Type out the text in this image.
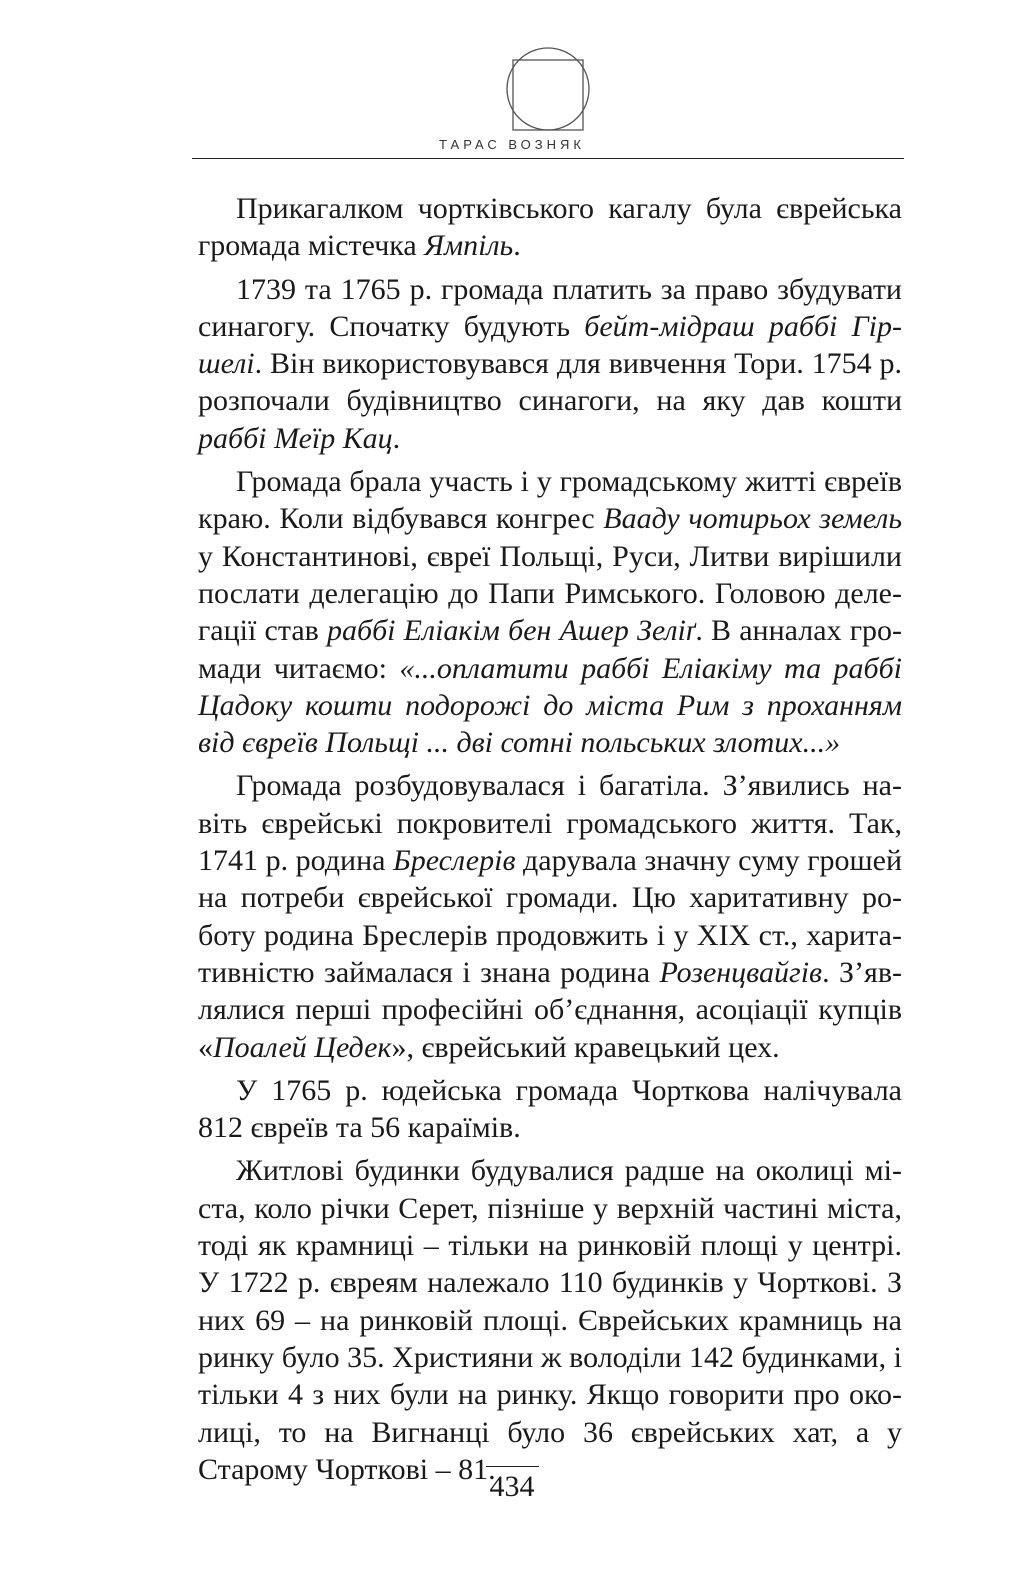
ТАРАС ВОЗНЯК

Прикагалком чортківського кагалу була єврейська громада містечка Ямпіль.

1739 та 1765 р. громада платить за право збудувати синагогу. Спочатку будують бейт-мідраш раббі Гіршелі. Він використовувався для вивчення Тори. 1754 р. розпочали будівництво синагоги, на яку дав кошти раббі Меїр Кац.

Громада брала участь і у громадському житті євреїв краю. Коли відбувався конгрес Вааду чотирьох земель у Константинові, євреї Польщі, Руси, Литви вирішили послати делегацію до Папи Римського. Головою делегації став раббі Еліакім бен Ашер Зеліґ. В анналах громади читаємо: «...оплатити раббі Еліакіму та раббі Цадоку кошти подорожі до міста Рим з проханням від євреїв Польщі ... дві сотні польських злотих...»

Громада розбудовувалася і багатіла. З’явились навіть єврейські покровителі громадського життя. Так, 1741 р. родина Бреслерів дарувала значну суму грошей на потреби єврейської громади. Цю харитативну роботу родина Бреслерів продовжить і у XIX ст., харитативністю займалася і знана родина Розенцвайгів. З’являлися перші професійні об’єднання, асоціації купців «Поалей Цедек», єврейський кравецький цех.

У 1765 р. юдейська громада Чорткова налічувала 812 євреїв та 56 караїмів.

Житлові будинки будувалися радше на околиці міста, коло річки Серет, пізніше у верхній частині міста, тоді як крамниці – тільки на ринковій площі у центрі. У 1722 р. євреям належало 110 будинків у Чорткові. З них 69 – на ринковій площі. Єврейських крамниць на ринку було 35. Християни ж володіли 142 будинками, і тільки 4 з них були на ринку. Якщо говорити про околиці, то на Вигнанці було 36 єврейських хат, а у Старому Чорткові – 81.

434
